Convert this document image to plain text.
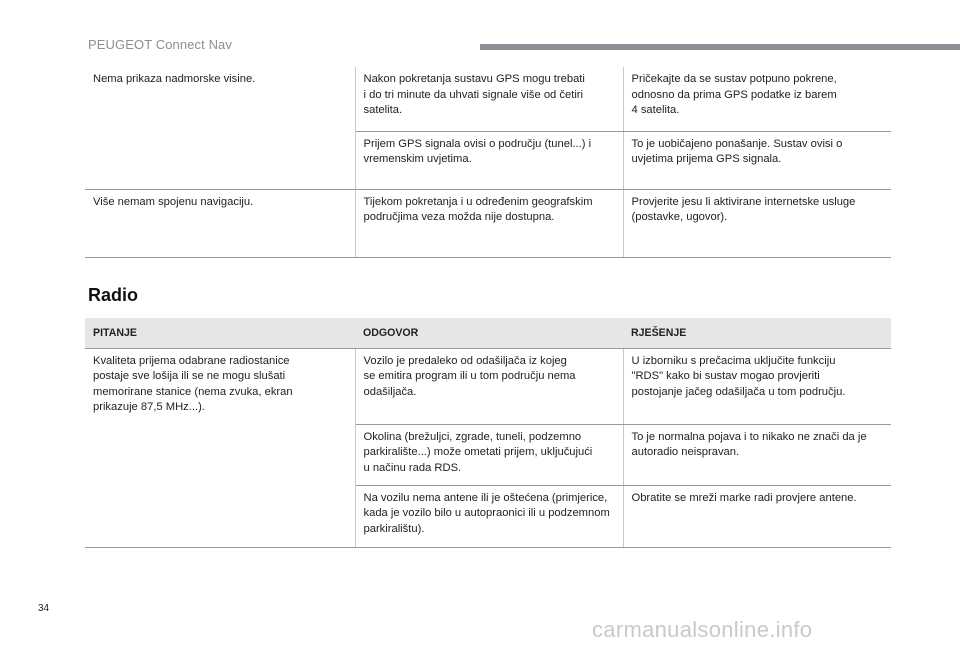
PEUGEOT Connect Nav
Nema prikaza nadmorske visine.	Nakon pokretanja sustavu GPS mogu trebati
i do tri minute da uhvati signale više od četiri
satelita.	Pričekajte da se sustav potpuno pokrene,
odnosno da prima GPS podatke iz barem
4 satelita.
	Prijem GPS signala ovisi o području (tunel...) i
vremenskim uvjetima.	To je uobičajeno ponašanje. Sustav ovisi o
uvjetima prijema GPS signala.
Više nemam spojenu navigaciju.	Tijekom pokretanja i u određenim geografskim
područjima veza možda nije dostupna.	Provjerite jesu li aktivirane internetske usluge
(postavke, ugovor).
Radio
PITANJE	ODGOVOR	RJEŠENJE
Kvaliteta prijema odabrane radiostanice
postaje sve lošija ili se ne mogu slušati
memorirane stanice (nema zvuka, ekran
prikazuje 87,5 MHz...).	Vozilo je predaleko od odašiljača iz kojeg
se emitira program ili u tom području nema
odašiljača.	U izborniku s prečacima uključite funkciju
"RDS" kako bi sustav mogao provjeriti
postojanje jačeg odašiljača u tom području.
	Okolina (brežuljci, zgrade, tuneli, podzemno
parkiralište...) može ometati prijem, uključujući
u načinu rada RDS.	To je normalna pojava i to nikako ne znači da je
autoradio neispravan.
	Na vozilu nema antene ili je oštećena (primjerice,
kada je vozilo bilo u autopraonici ili u podzemnom
parkiralištu).	Obratite se mreži marke radi provjere antene.
34
carmanualsonline.info
